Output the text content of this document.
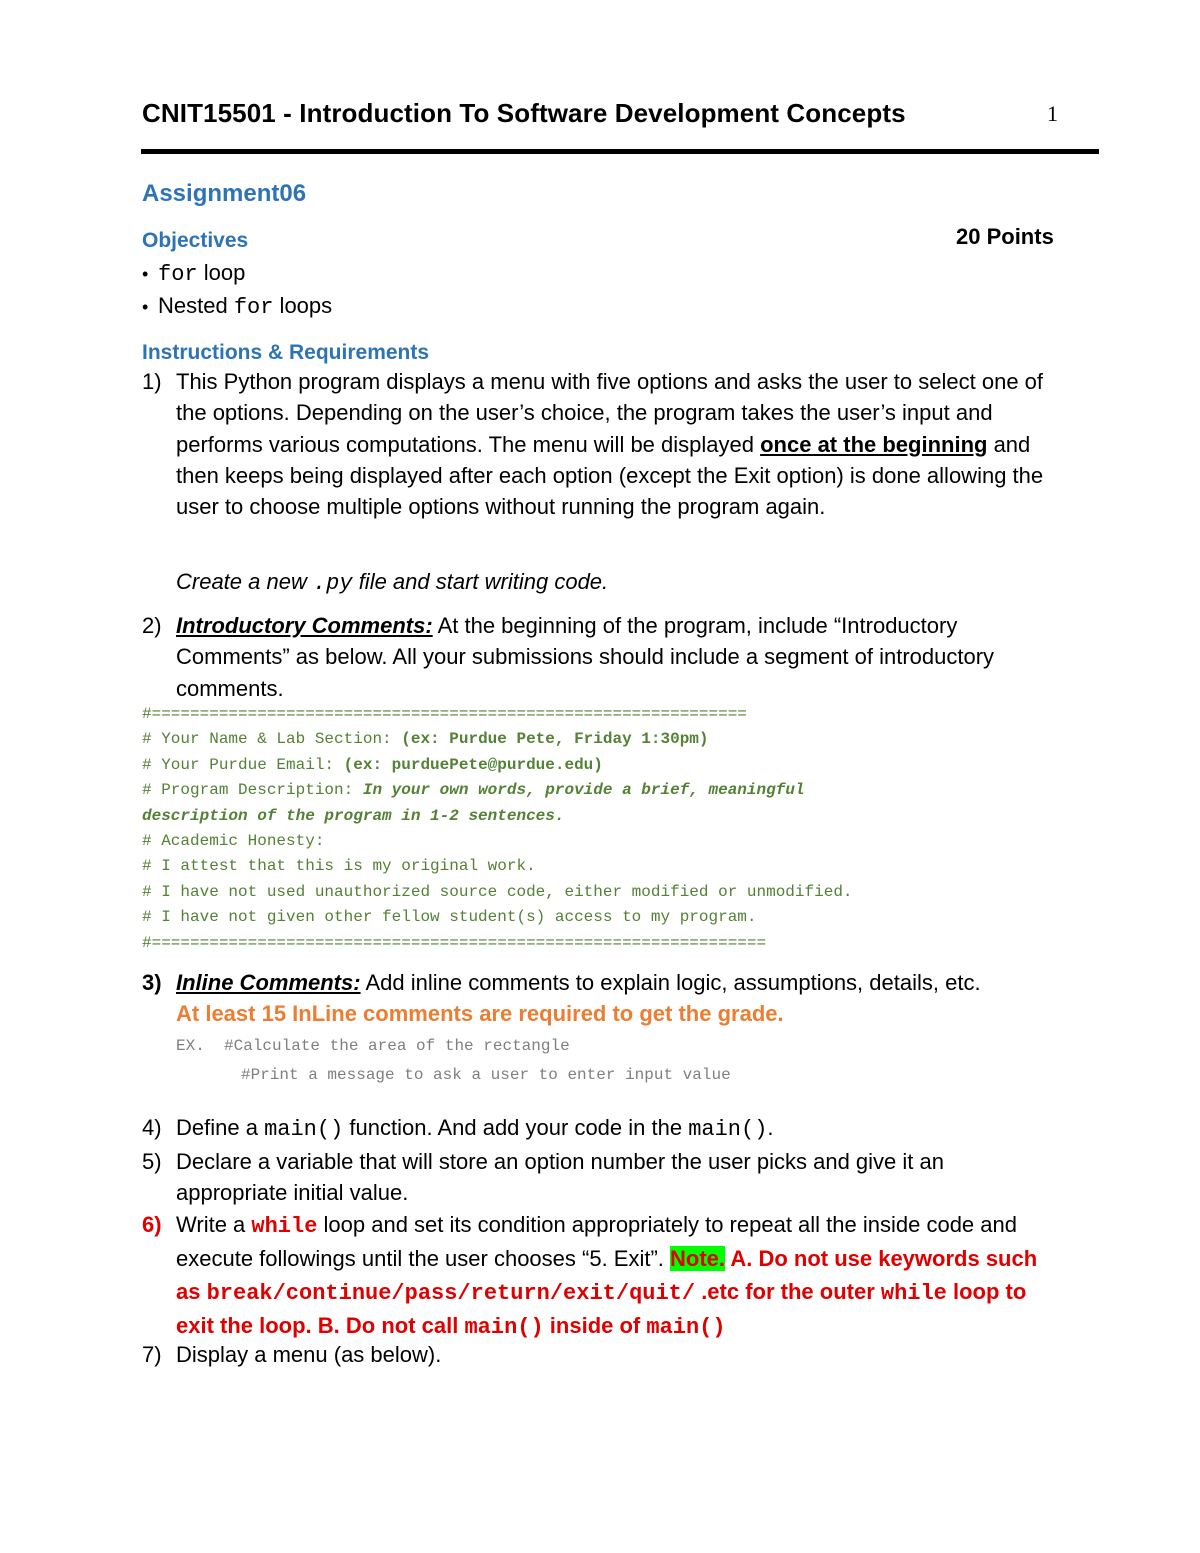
CNIT15501 - Introduction To Software Development Concepts	1
Assignment06
20 Points
Objectives
• for loop
• Nested for loops
Instructions & Requirements
1) This Python program displays a menu with five options and asks the user to select one of the options. Depending on the user’s choice, the program takes the user’s input and performs various computations. The menu will be displayed once at the beginning and then keeps being displayed after each option (except the Exit option) is done allowing the user to choose multiple options without running the program again.
Create a new .py file and start writing code.
2) Introductory Comments: At the beginning of the program, include “Introductory Comments” as below. All your submissions should include a segment of introductory comments.
#==============================================================
# Your Name & Lab Section: (ex: Purdue Pete, Friday 1:30pm)
# Your Purdue Email: (ex: purduePete@purdue.edu)
# Program Description: In your own words, provide a brief, meaningful
description of the program in 1-2 sentences.
# Academic Honesty:
# I attest that this is my original work.
# I have not used unauthorized source code, either modified or unmodified.
# I have not given other fellow student(s) access to my program.
#================================================================
3) Inline Comments: Add inline comments to explain logic, assumptions, details, etc.
At least 15 InLine comments are required to get the grade.
EX.  #Calculate the area of the rectangle
#Print a message to ask a user to enter input value
4) Define a main() function. And add your code in the main().
5) Declare a variable that will store an option number the user picks and give it an appropriate initial value.
6) Write a while loop and set its condition appropriately to repeat all the inside code and execute followings until the user chooses “5. Exit”. Note. A. Do not use keywords such as break/continue/pass/return/exit/quit/ .etc for the outer while loop to exit the loop. B. Do not call main() inside of main()
7) Display a menu (as below).
